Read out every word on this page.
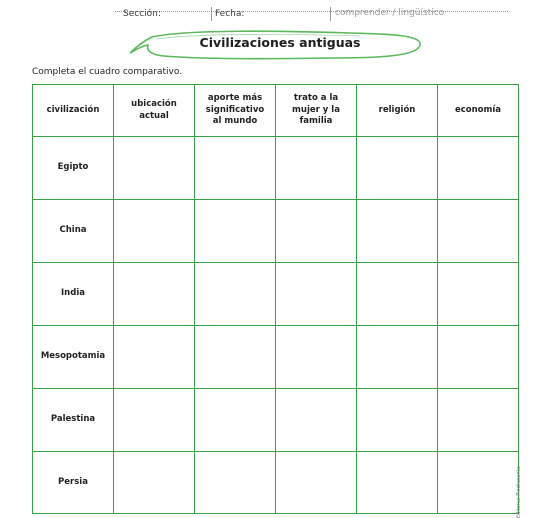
Sección:	Fecha:	comprender / lingüístico
Civilizaciones antiguas
Completa el cuadro comparativo.
civilización	ubicación actual	aporte más significativo al mundo	trato a la mujer y la familia	religión	economía
Egipto					
China					
India					
Mesopotamia					
Palestina					
Persia						Editorial Piedrasanta
